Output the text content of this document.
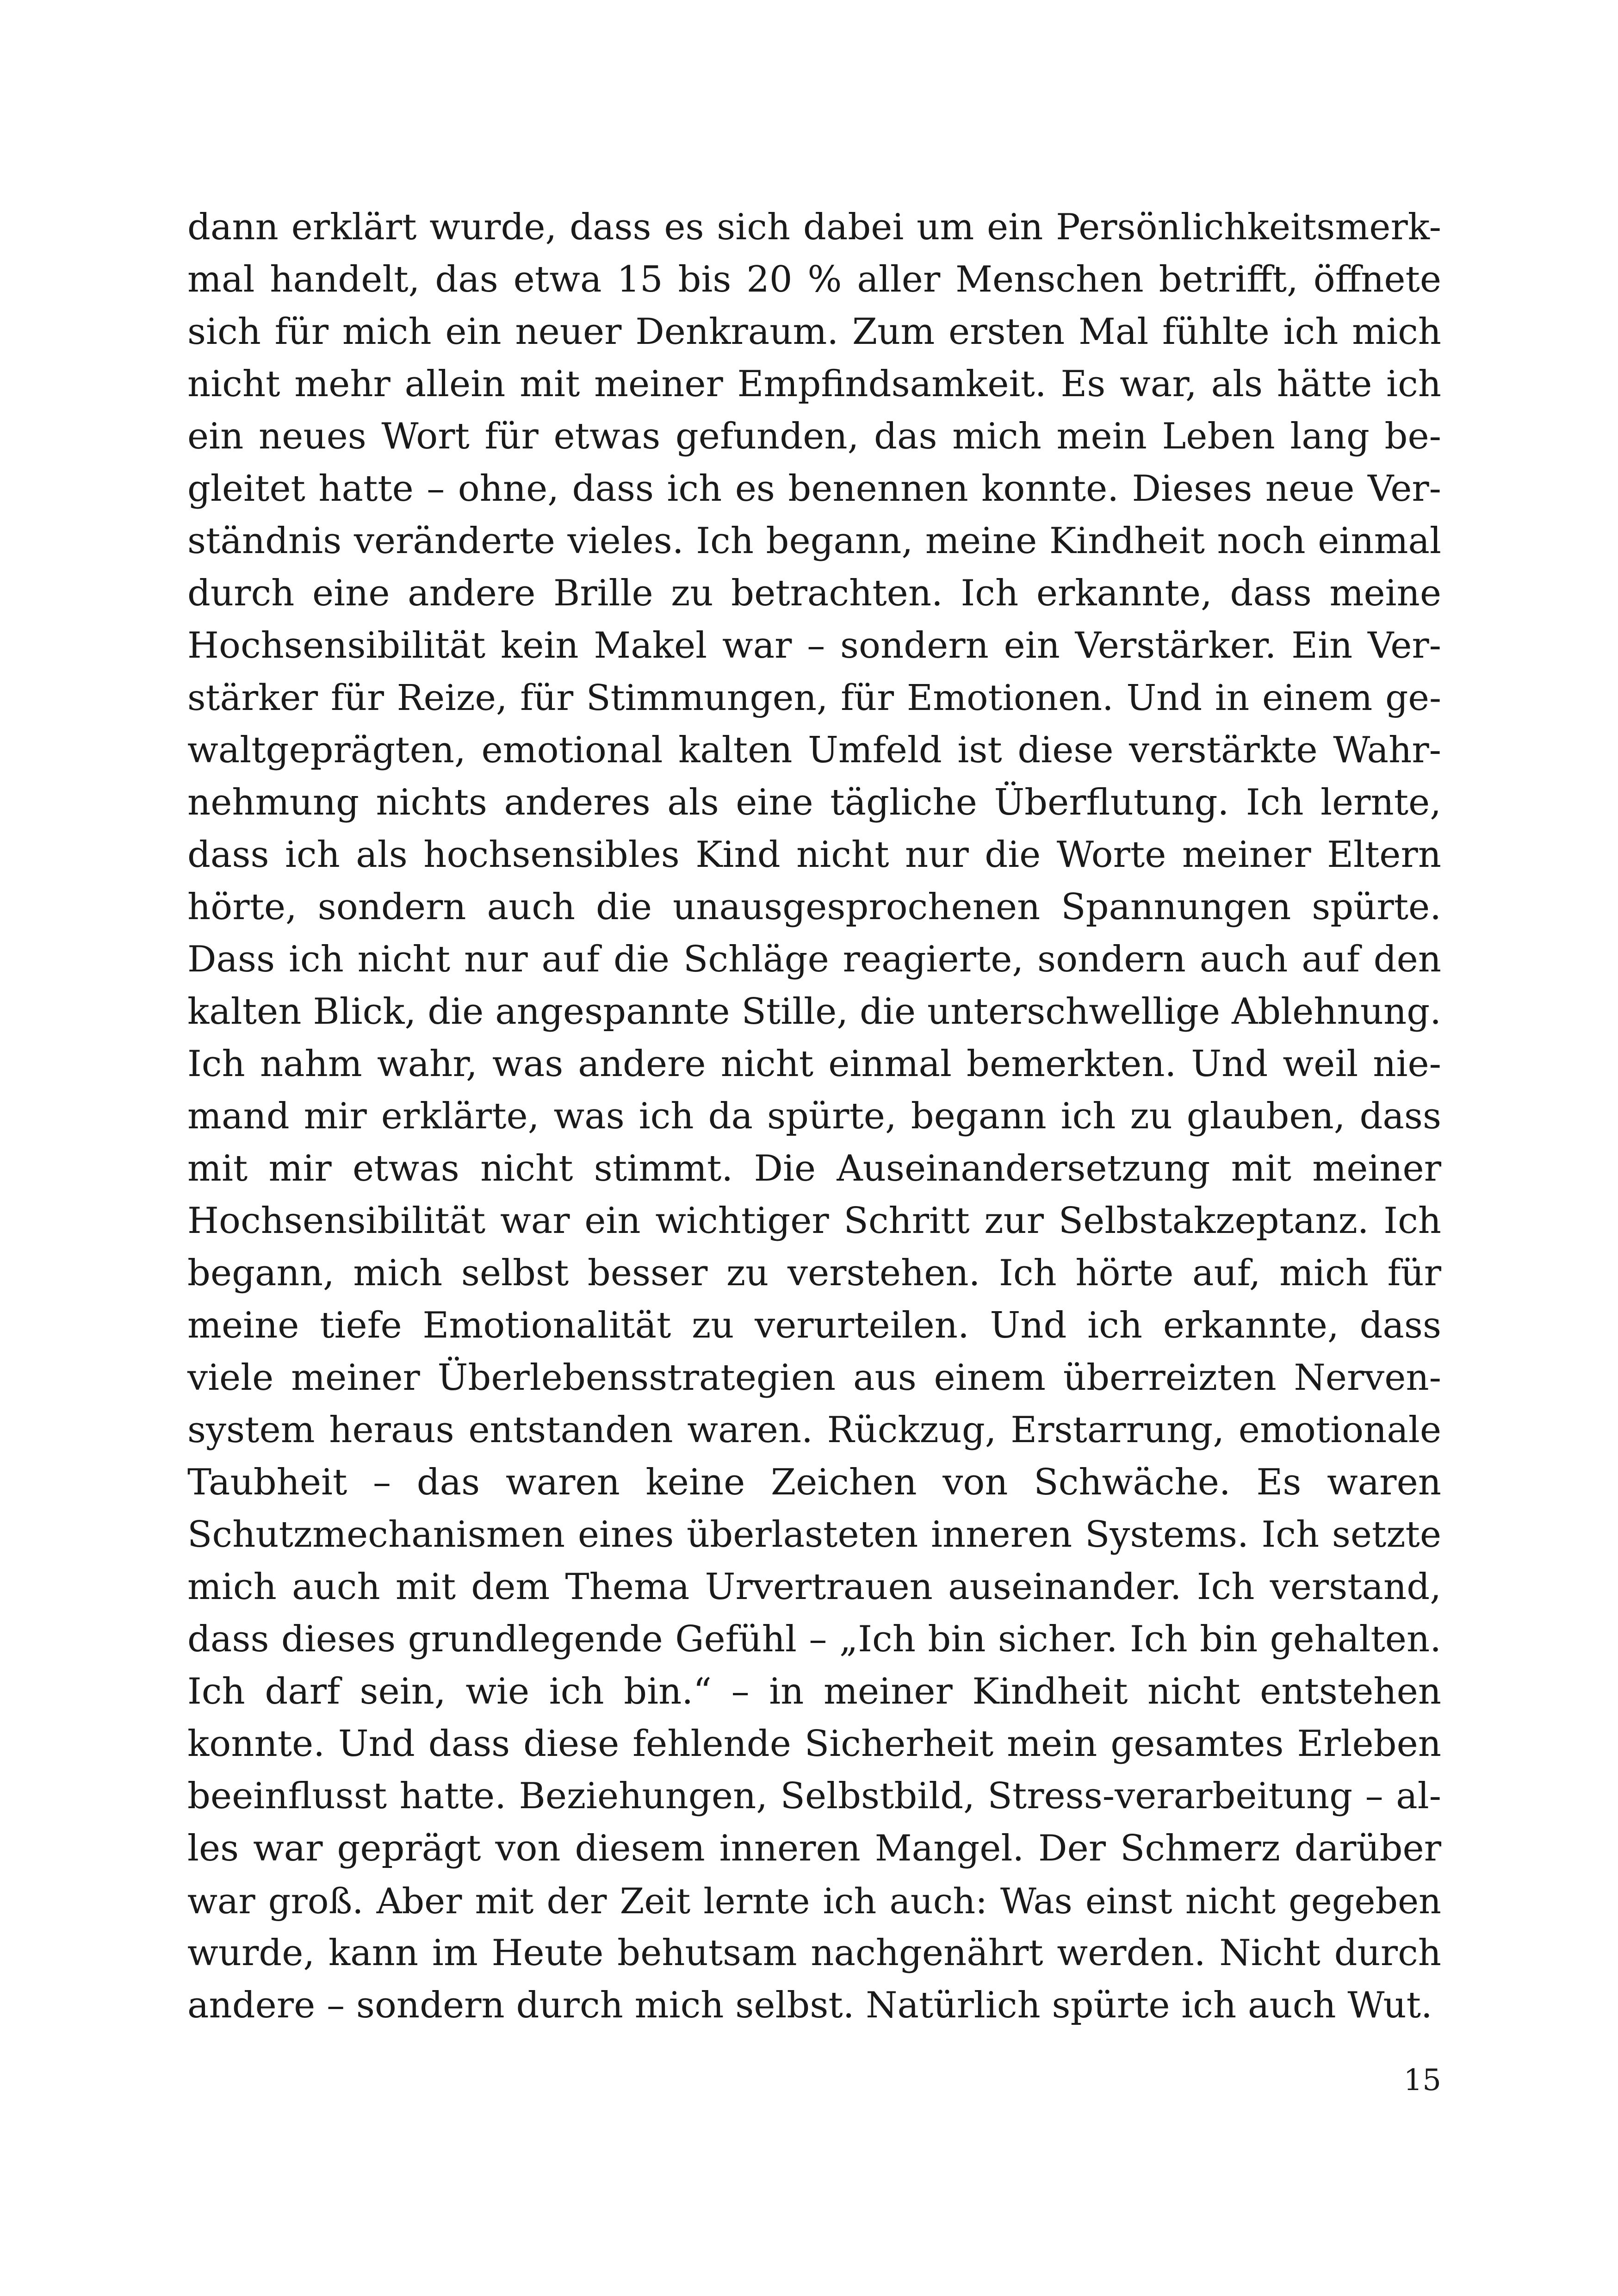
dann erklärt wurde, dass es sich dabei um ein Persönlichkeitsmerk-
mal handelt, das etwa 15 bis 20 % aller Menschen betrifft, öffnete
sich für mich ein neuer Denkraum. Zum ersten Mal fühlte ich mich
nicht mehr allein mit meiner Empfindsamkeit. Es war, als hätte ich
ein neues Wort für etwas gefunden, das mich mein Leben lang be-
gleitet hatte – ohne, dass ich es benennen konnte. Dieses neue Ver-
ständnis veränderte vieles. Ich begann, meine Kindheit noch einmal
durch eine andere Brille zu betrachten. Ich erkannte, dass meine
Hochsensibilität kein Makel war – sondern ein Verstärker. Ein Ver-
stärker für Reize, für Stimmungen, für Emotionen. Und in einem ge-
waltgeprägten, emotional kalten Umfeld ist diese verstärkte Wahr-
nehmung nichts anderes als eine tägliche Überflutung. Ich lernte,
dass ich als hochsensibles Kind nicht nur die Worte meiner Eltern
hörte, sondern auch die unausgesprochenen Spannungen spürte.
Dass ich nicht nur auf die Schläge reagierte, sondern auch auf den
kalten Blick, die angespannte Stille, die unterschwellige Ablehnung.
Ich nahm wahr, was andere nicht einmal bemerkten. Und weil nie-
mand mir erklärte, was ich da spürte, begann ich zu glauben, dass
mit mir etwas nicht stimmt. Die Auseinandersetzung mit meiner
Hochsensibilität war ein wichtiger Schritt zur Selbstakzeptanz. Ich
begann, mich selbst besser zu verstehen. Ich hörte auf, mich für
meine tiefe Emotionalität zu verurteilen. Und ich erkannte, dass
viele meiner Überlebensstrategien aus einem überreizten Nerven-
system heraus entstanden waren. Rückzug, Erstarrung, emotionale
Taubheit – das waren keine Zeichen von Schwäche. Es waren
Schutzmechanismen eines überlasteten inneren Systems. Ich setzte
mich auch mit dem Thema Urvertrauen auseinander. Ich verstand,
dass dieses grundlegende Gefühl – „Ich bin sicher. Ich bin gehalten.
Ich darf sein, wie ich bin.“ – in meiner Kindheit nicht entstehen
konnte. Und dass diese fehlende Sicherheit mein gesamtes Erleben
beeinflusst hatte. Beziehungen, Selbstbild, Stress-verarbeitung – al-
les war geprägt von diesem inneren Mangel. Der Schmerz darüber
war groß. Aber mit der Zeit lernte ich auch: Was einst nicht gegeben
wurde, kann im Heute behutsam nachgenährt werden. Nicht durch
andere – sondern durch mich selbst. Natürlich spürte ich auch Wut.
15
